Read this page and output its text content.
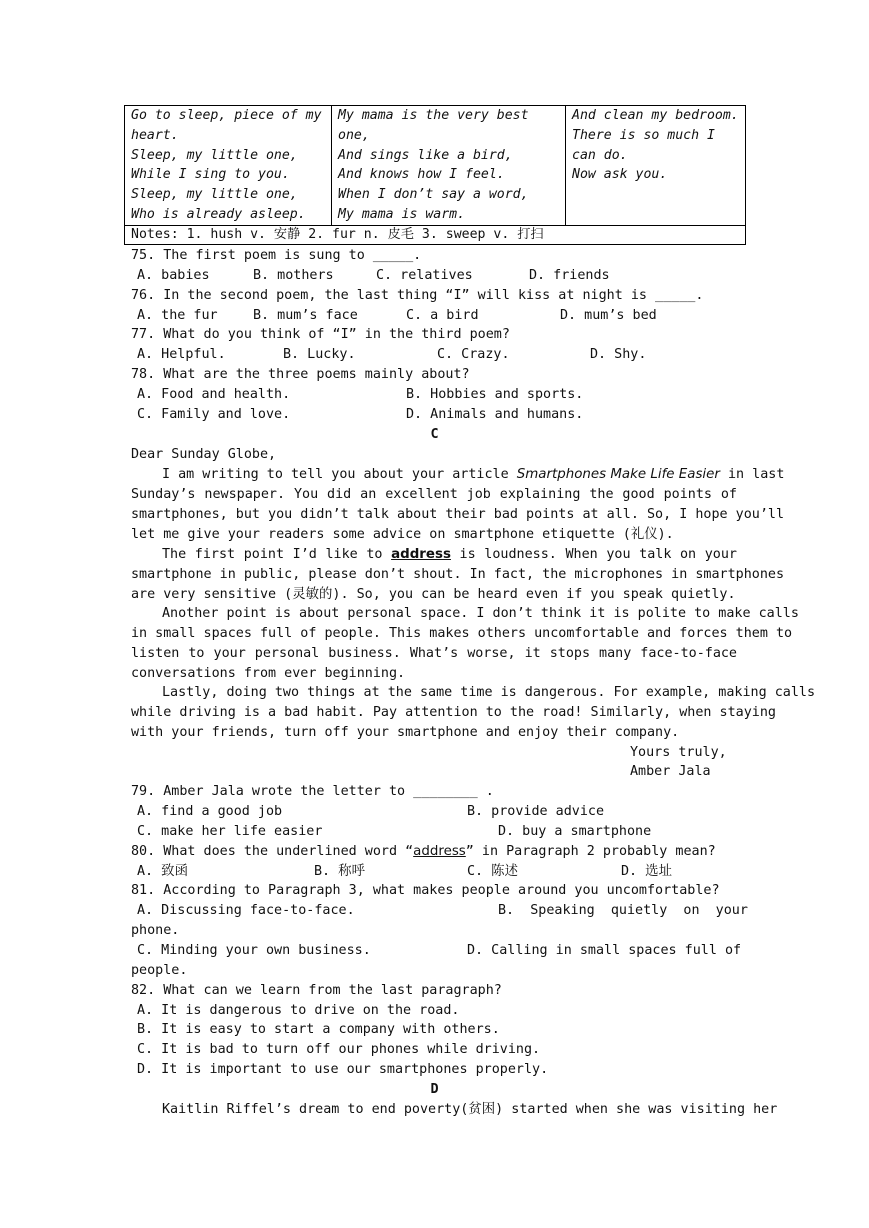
Go to sleep, piece of my heart.
Sleep, my little one,
While I sing to you.
Sleep, my little one,
Who is already asleep.

My mama is the very best one,
And sings like a bird,
And knows how I feel.
When I don’t say a word,
My mama is warm.

And clean my bedroom.
There is so much I can do.
Now ask you.

Notes: 1. hush v. 安静 2. fur n. 皮毛 3. sweep v. 打扫
75. The first poem is sung to _____.
A. babies	B. mothers	C. relatives	D. friends
76. In the second poem, the last thing “I” will kiss at night is _____.
A. the fur	B. mum’s face	C. a bird	D. mum’s bed
77. What do you think of “I” in the third poem?
A. Helpful.	B. Lucky.	C. Crazy.	D. Shy.
78. What are the three poems mainly about?
A. Food and health.	B. Hobbies and sports.
C. Family and love.	D. Animals and humans.
C
Dear Sunday Globe,
I am writing to tell you about your article Smartphones Make Life Easier in last
Sunday’s newspaper. You did an excellent job explaining the good points of
smartphones, but you didn’t talk about their bad points at all. So, I hope you’ll
let me give your readers some advice on smartphone etiquette (礼仪).
The first point I’d like to address is loudness. When you talk on your
smartphone in public, please don’t shout. In fact, the microphones in smartphones
are very sensitive (灵敏的). So, you can be heard even if you speak quietly.
Another point is about personal space. I don’t think it is polite to make calls
in small spaces full of people. This makes others uncomfortable and forces them to
listen to your personal business. What’s worse, it stops many face-to-face
conversations from ever beginning.
Lastly, doing two things at the same time is dangerous. For example, making calls
while driving is a bad habit. Pay attention to the road! Similarly, when staying
with your friends, turn off your smartphone and enjoy their company.
Yours truly,
Amber Jala
79. Amber Jala wrote the letter to ________ .
A. find a good job	B. provide advice
C. make her life easier	D. buy a smartphone
80. What does the underlined word “address” in Paragraph 2 probably mean?
A. 致函	B. 称呼	C. 陈述	D. 选址
81. According to Paragraph 3, what makes people around you uncomfortable?
A. Discussing face-to-face.	B.  Speaking  quietly  on  your
phone.
C. Minding your own business.	D. Calling in small spaces full of
people.
82. What can we learn from the last paragraph?
A. It is dangerous to drive on the road.
B. It is easy to start a company with others.
C. It is bad to turn off our phones while driving.
D. It is important to use our smartphones properly.
D
Kaitlin Riffel’s dream to end poverty(贫困) started when she was visiting her
